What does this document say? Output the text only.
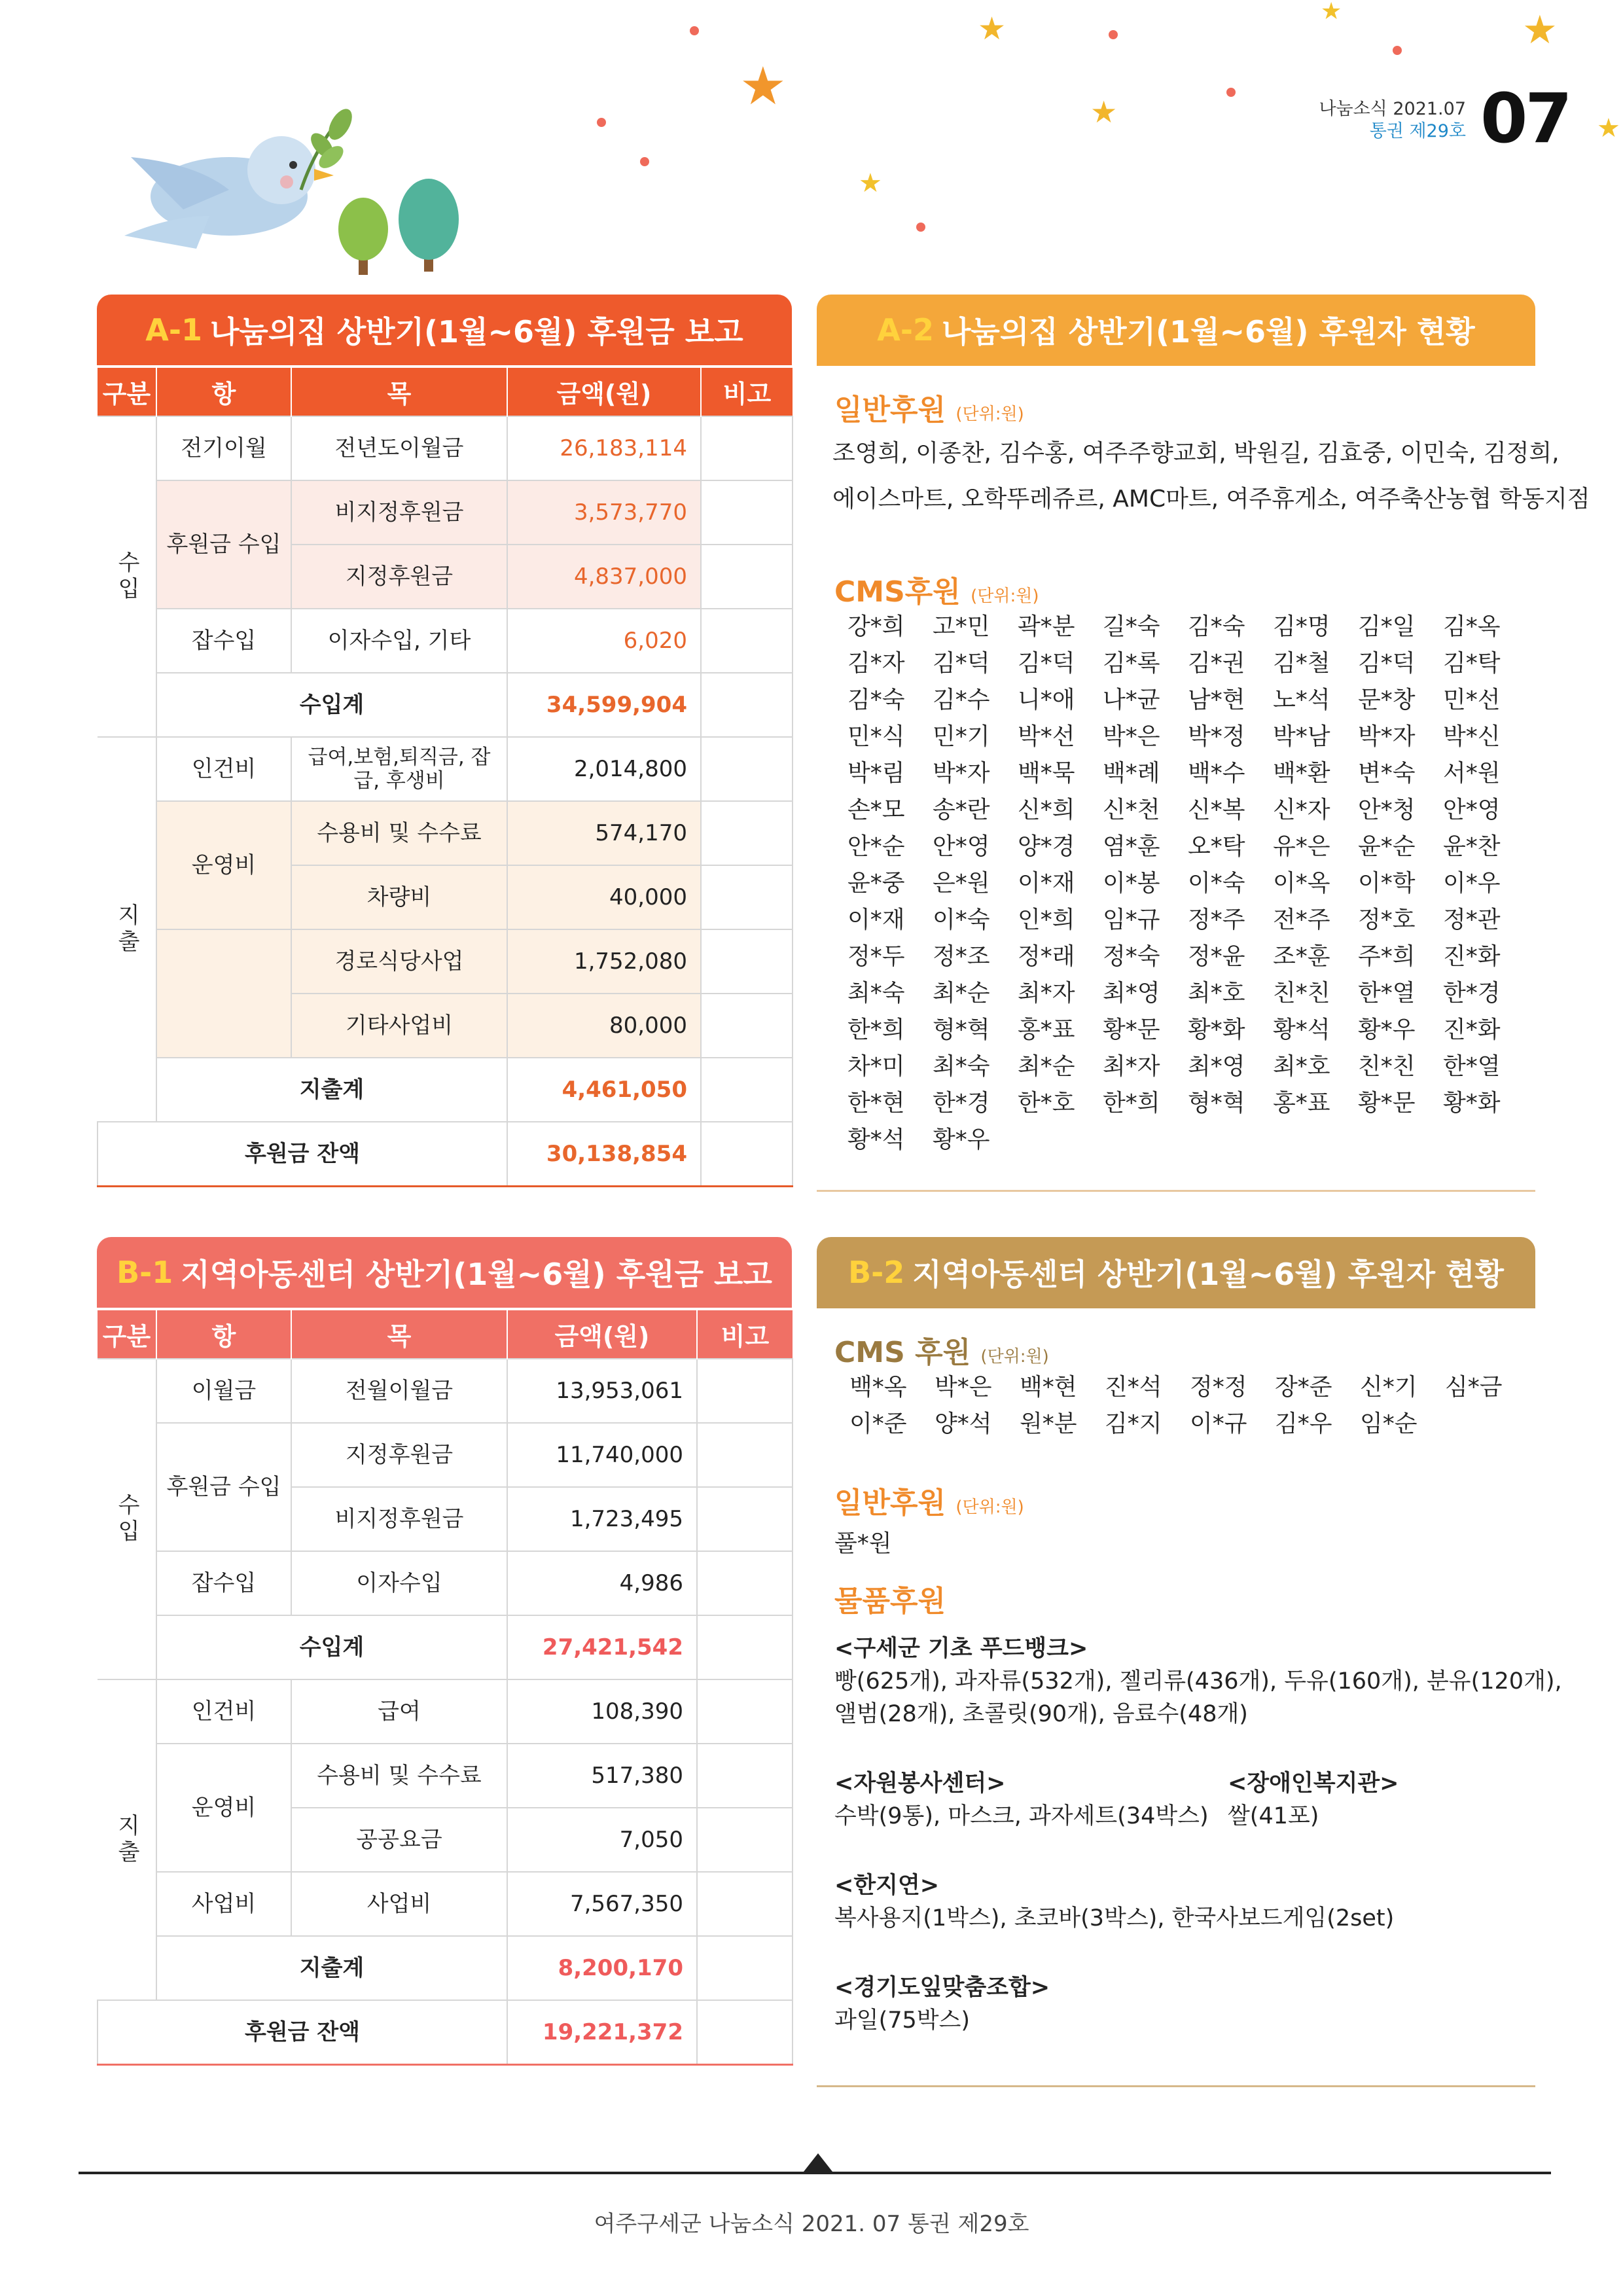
★
★	★
★
★
★
★
나눔소식 2021.07
통권 제29호 07
A-1 나눔의집 상반기(1월~6월) 후원금 보고
구분	항	목	금액(원)	비고
수입	전기이월	전년도이월금	26,183,114	
	후원금 수입	비지정후원금	3,573,770	
		지정후원금	4,837,000	
	잡수입	이자수입, 기타	6,020	
	수입계		34,599,904	
지출	인건비	급여,보험,퇴직금, 잡급, 후생비	2,014,800	
	운영비	수용비 및 수수료	574,170	
		차량비	40,000	
		경로식당사업	1,752,080	
		기타사업비	80,000	
	지출계		4,461,050	
후원금 잔액			30,138,854	
A-2 나눔의집 상반기(1월~6월) 후원자 현황
일반후원 (단위:원)
조영희, 이종찬, 김수홍, 여주주향교회, 박원길, 김효중, 이민숙, 김정희,
에이스마트, 오학뚜레쥬르, AMC마트, 여주휴게소, 여주축산농협 학동지점
CMS후원 (단위:원)
강*희	고*민	곽*분	길*숙	김*숙	김*명	김*일	김*옥
김*자	김*덕	김*덕	김*록	김*권	김*철	김*덕	김*탁
김*숙	김*수	니*애	나*균	남*현	노*석	문*창	민*선
민*식	민*기	박*선	박*은	박*정	박*남	박*자	박*신
박*림	박*자	백*묵	백*례	백*수	백*환	변*숙	서*원
손*모	송*란	신*희	신*천	신*복	신*자	안*청	안*영
안*순	안*영	양*경	염*훈	오*탁	유*은	윤*순	윤*찬
윤*중	은*원	이*재	이*봉	이*숙	이*옥	이*학	이*우
이*재	이*숙	인*희	임*규	정*주	전*주	정*호	정*관
정*두	정*조	정*래	정*숙	정*윤	조*훈	주*희	진*화
최*숙	최*순	최*자	최*영	최*호	친*친	한*열	한*경
한*희	형*혁	홍*표	황*문	황*화	황*석	황*우	진*화
차*미	최*숙	최*순	최*자	최*영	최*호	친*친	한*열
한*현	한*경	한*호	한*희	형*혁	홍*표	황*문	황*화
황*석	황*우
B-1 지역아동센터 상반기(1월~6월) 후원금 보고
구분	항	목	금액(원)	비고
수입	이월금	전월이월금	13,953,061	
	후원금 수입	지정후원금	11,740,000	
		비지정후원금	1,723,495	
	잡수입	이자수입	4,986	
	수입계		27,421,542	
지출	인건비	급여	108,390	
	운영비	수용비 및 수수료	517,380	
		공공요금	7,050	
	사업비	사업비	7,567,350	
	지출계		8,200,170	
후원금 잔액			19,221,372	
B-2 지역아동센터 상반기(1월~6월) 후원자 현황
CMS 후원 (단위:원)
백*옥	박*은	백*현	진*석	정*정	장*준	신*기	심*금
이*준	양*석	원*분	김*지	이*규	김*우	임*순
일반후원 (단위:원)
풀*원
물품후원
<구세군 기초 푸드뱅크>
빵(625개), 과자류(532개), 젤리류(436개), 두유(160개), 분유(120개),
앨범(28개), 초콜릿(90개), 음료수(48개)
<자원봉사센터>
수박(9통), 마스크, 과자세트(34박스)
<장애인복지관>
쌀(41포)
<한지연>
복사용지(1박스), 초코바(3박스), 한국사보드게임(2set)
<경기도잎맞춤조합>
과일(75박스)
여주구세군 나눔소식 2021. 07 통권 제29호
